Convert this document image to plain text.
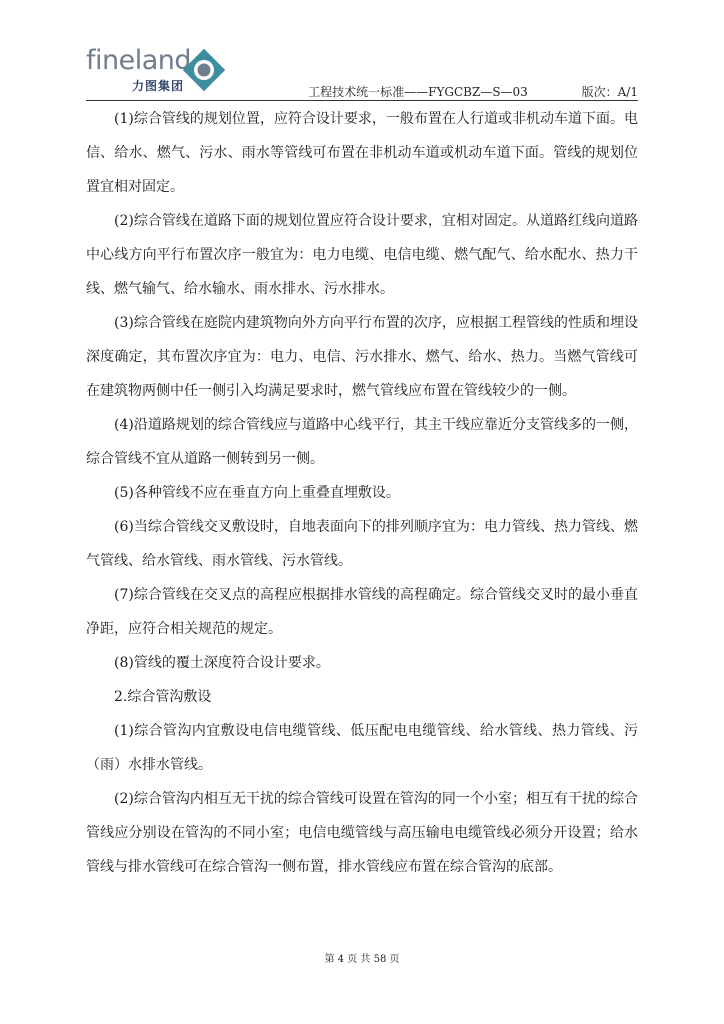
fineland
力图集团	工程技术统一标准——FYGCBZ—S—03	版次：A/1

(1)综合管线的规划位置，应符合设计要求，一般布置在人行道或非机动车道下面。电信、给水、燃气、污水、雨水等管线可布置在非机动车道或机动车道下面。管线的规划位置宜相对固定。

(2)综合管线在道路下面的规划位置应符合设计要求，宜相对固定。从道路红线向道路中心线方向平行布置次序一般宜为：电力电缆、电信电缆、燃气配气、给水配水、热力干线、燃气输气、给水输水、雨水排水、污水排水。

(3)综合管线在庭院内建筑物向外方向平行布置的次序，应根据工程管线的性质和埋设深度确定，其布置次序宜为：电力、电信、污水排水、燃气、给水、热力。当燃气管线可在建筑物两侧中任一侧引入均满足要求时，燃气管线应布置在管线较少的一侧。

(4)沿道路规划的综合管线应与道路中心线平行，其主干线应靠近分支管线多的一侧，综合管线不宜从道路一侧转到另一侧。

(5)各种管线不应在垂直方向上重叠直埋敷设。

(6)当综合管线交叉敷设时，自地表面向下的排列顺序宜为：电力管线、热力管线、燃气管线、给水管线、雨水管线、污水管线。

(7)综合管线在交叉点的高程应根据排水管线的高程确定。综合管线交叉时的最小垂直净距，应符合相关规范的规定。

(8)管线的覆土深度符合设计要求。

2.综合管沟敷设

(1)综合管沟内宜敷设电信电缆管线、低压配电电缆管线、给水管线、热力管线、污（雨）水排水管线。

(2)综合管沟内相互无干扰的综合管线可设置在管沟的同一个小室；相互有干扰的综合管线应分别设在管沟的不同小室；电信电缆管线与高压输电电缆管线必须分开设置；给水管线与排水管线可在综合管沟一侧布置，排水管线应布置在综合管沟的底部。

第 4 页 共 58 页
